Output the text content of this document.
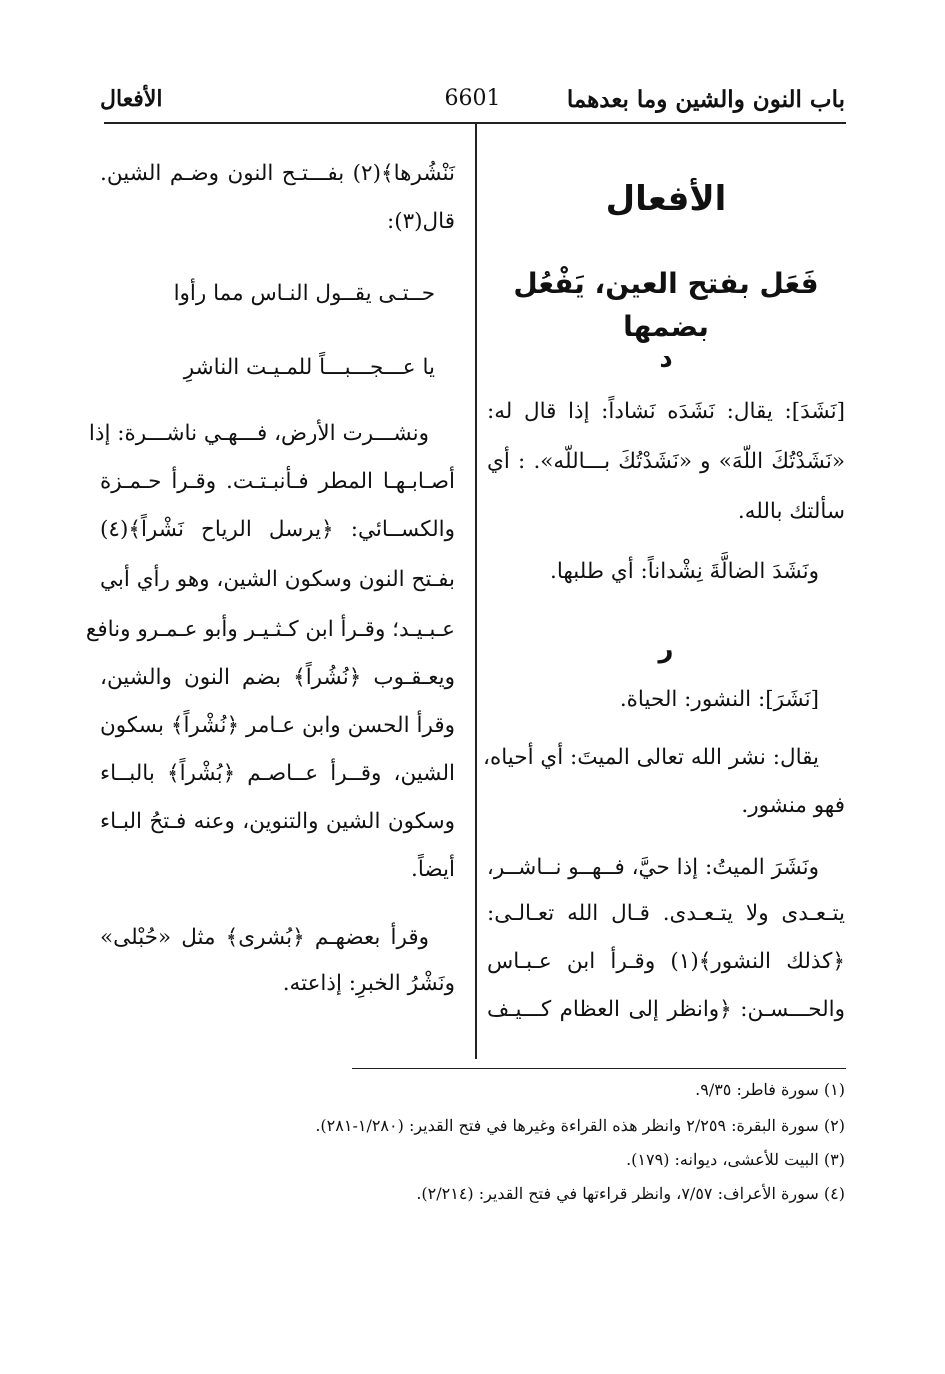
باب النون والشين وما بعدهما
6601
الأفعال
الأفعال
فَعَل بفتح العين، يَفْعُل بضمها
د
[نَشَدَ]: يقال: نَشَدَه نَشاداً: إذا قال له:
«نَشَدْتُكَ اللّهَ» و «نَشَدْتُكَ بـــاللّه». : أي
سألتك بالله.
ونَشَدَ الضالَّةَ نِشْداناً: أي طلبها.
ر
[نَشَرَ]: النشور: الحياة.
يقال: نشر الله تعالى الميتَ: أي أحياه،
فهو منشور.
ونَشَرَ الميتُ: إذا حيَّ، فــهــو نــاشــر،
يتـعـدى ولا يتـعـدى. قـال الله تعـالـى:
﴿كذلك النشور﴾(١) وقـرأ ابن عـبـاس
والحـــسـن: ﴿وانظر إلى العظام كـــيـف
نَنْشُرها﴾(٢) بفـــتـح النون وضـم الشين.
قال(٣):
حــتـى يقــول النـاس مما رأوا
يا عـــجـــبـــاً للمـيـت الناشرِ
ونشـــرت الأرض، فـــهـي ناشـــرة: إذا
أصـابـهـا المطر فـأنبـتـت. وقـرأ حـمـزة
والكســائي: ﴿يرسل الرياح نَشْراً﴾(٤)
بفـتح النون وسكون الشين، وهو رأي أبي
عـبـيـد؛ وقـرأ ابن كـثـيـر وأبو عـمـرو ونافع
ويعـقـوب ﴿نُشُراً﴾ بضم النون والشين،
وقرأ الحسن وابن عـامر ﴿نُشْراً﴾ بسكون
الشين، وقــرأ عــاصـم ﴿بُشْراً﴾ بالبــاء
وسكون الشين والتنوين، وعنه فـتحُ البـاء
أيضاً.
وقرأ بعضهـم ﴿بُشرى﴾ مثل «حُبْلى»
ونَشْرُ الخبرِ: إذاعته.
(١) سورة فاطر: ٩/٣٥.
(٢) سورة البقرة: ٢/٢٥٩ وانظر هذه القراءة وغيرها في فتح القدير: (١/٢٨٠-٢٨١).
(٣) البيت للأعشى، ديوانه: (١٧٩).
(٤) سورة الأعراف: ٧/٥٧، وانظر قراءتها في فتح القدير: (٢/٢١٤).
